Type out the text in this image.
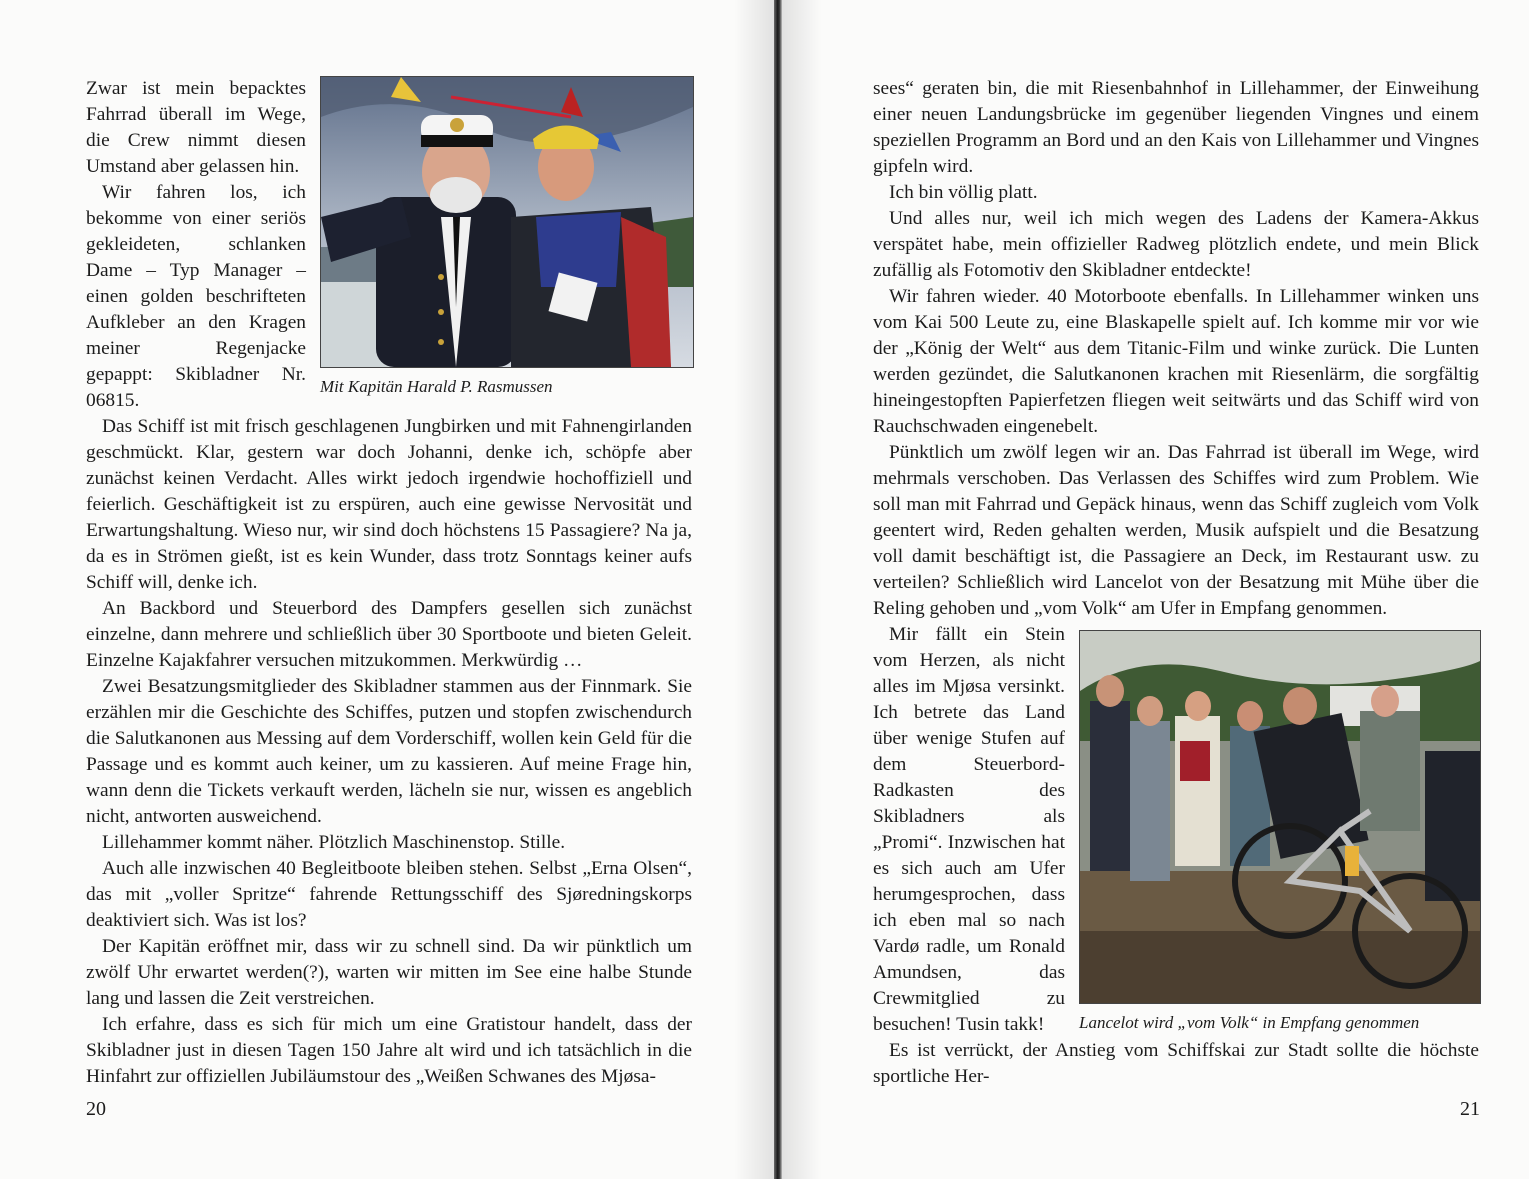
Mit Kapitän Harald P. Rasmussen

Zwar ist mein bepacktes Fahrrad überall im Wege, die Crew nimmt diesen Umstand aber gelassen hin.

Wir fahren los, ich bekomme von einer seriös gekleideten, schlanken Dame – Typ Manager – einen golden beschrifteten Aufkleber an den Kragen meiner Regenjacke gepappt: Skibladner Nr. 06815.

Das Schiff ist mit frisch geschlagenen Jungbirken und mit Fahnengirlanden geschmückt. Klar, gestern war doch Johanni, denke ich, schöpfe aber zunächst keinen Verdacht. Alles wirkt jedoch irgendwie hochoffiziell und feierlich. Geschäftigkeit ist zu erspüren, auch eine gewisse Nervosität und Erwartungshaltung. Wieso nur, wir sind doch höchstens 15 Passagiere? Na ja, da es in Strömen gießt, ist es kein Wunder, dass trotz Sonntags keiner aufs Schiff will, denke ich.

An Backbord und Steuerbord des Dampfers gesellen sich zunächst einzelne, dann mehrere und schließlich über 30 Sportboote und bieten Geleit. Einzelne Kajakfahrer versuchen mitzukommen. Merkwürdig …

Zwei Besatzungsmitglieder des Skibladner stammen aus der Finnmark. Sie erzählen mir die Geschichte des Schiffes, putzen und stopfen zwischendurch die Salutkanonen aus Messing auf dem Vorderschiff, wollen kein Geld für die Passage und es kommt auch keiner, um zu kassieren. Auf meine Frage hin, wann denn die Tickets verkauft werden, lächeln sie nur, wissen es angeblich nicht, antworten ausweichend.

Lillehammer kommt näher. Plötzlich Maschinenstop. Stille.

Auch alle inzwischen 40 Begleitboote bleiben stehen. Selbst „Erna Olsen“, das mit „voller Spritze“ fahrende Rettungsschiff des Sjøredningskorps deaktiviert sich. Was ist los?

Der Kapitän eröffnet mir, dass wir zu schnell sind. Da wir pünktlich um zwölf Uhr erwartet werden(?), warten wir mitten im See eine halbe Stunde lang und lassen die Zeit verstreichen.

Ich erfahre, dass es sich für mich um eine Gratistour handelt, dass der Skibladner just in diesen Tagen 150 Jahre alt wird und ich tatsächlich in die Hinfahrt zur offiziellen Jubiläumstour des „Weißen Schwanes des Mjøsa-

20

sees“ geraten bin, die mit Riesenbahnhof in Lillehammer, der Einweihung einer neuen Landungsbrücke im gegenüber liegenden Vingnes und einem speziellen Programm an Bord und an den Kais von Lillehammer und Vingnes gipfeln wird.

Ich bin völlig platt.

Und alles nur, weil ich mich wegen des Ladens der Kamera-Akkus verspätet habe, mein offizieller Radweg plötzlich endete, und mein Blick zufällig als Fotomotiv den Skibladner entdeckte!

Wir fahren wieder. 40 Motorboote ebenfalls. In Lillehammer winken uns vom Kai 500 Leute zu, eine Blaskapelle spielt auf. Ich komme mir vor wie der „König der Welt“ aus dem Titanic-Film und winke zurück. Die Lunten werden gezündet, die Salutkanonen krachen mit Riesenlärm, die sorgfältig hineingestopften Papierfetzen fliegen weit seitwärts und das Schiff wird von Rauchschwaden eingenebelt.

Pünktlich um zwölf legen wir an. Das Fahrrad ist überall im Wege, wird mehrmals verschoben. Das Verlassen des Schiffes wird zum Problem. Wie soll man mit Fahrrad und Gepäck hinaus, wenn das Schiff zugleich vom Volk geentert wird, Reden gehalten werden, Musik aufspielt und die Besatzung voll damit beschäftigt ist, die Passagiere an Deck, im Restaurant usw. zu verteilen? Schließlich wird Lancelot von der Besatzung mit Mühe über die Reling gehoben und „vom Volk“ am Ufer in Empfang genommen.

Lancelot wird „vom Volk“ in Empfang genommen

Mir fällt ein Stein vom Herzen, als nicht alles im Mjøsa versinkt. Ich betrete das Land über wenige Stufen auf dem Steuerbord-Radkasten des Skibladners als „Promi“. Inzwischen hat es sich auch am Ufer herumgesprochen, dass ich eben mal so nach Vardø radle, um Ronald Amundsen, das Crewmitglied zu besuchen! Tusin takk!

Es ist verrückt, der Anstieg vom Schiffskai zur Stadt sollte die höchste sportliche Her-

21
